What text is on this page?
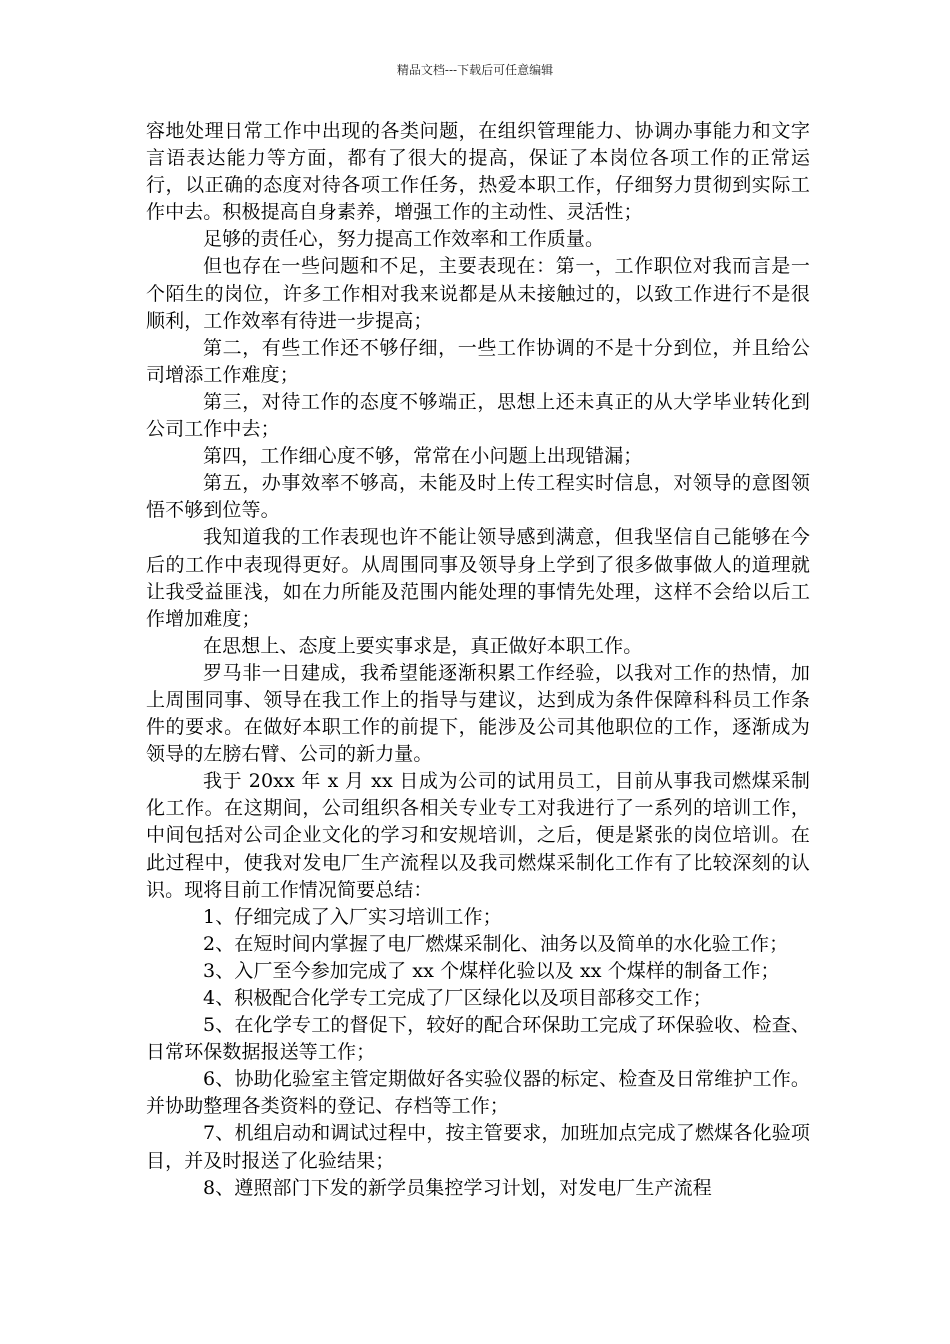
精品文档---下载后可任意编辑

容地处理日常工作中出现的各类问题，在组织管理能力、协调办事能力和文字言语表达能力等方面，都有了很大的提高，保证了本岗位各项工作的正常运行，以正确的态度对待各项工作任务，热爱本职工作，仔细努力贯彻到实际工作中去。积极提高自身素养，增强工作的主动性、灵活性；

足够的责任心，努力提高工作效率和工作质量。

但也存在一些问题和不足，主要表现在：第一，工作职位对我而言是一个陌生的岗位，许多工作相对我来说都是从未接触过的，以致工作进行不是很顺利，工作效率有待进一步提高；

第二，有些工作还不够仔细，一些工作协调的不是十分到位，并且给公司增添工作难度；

第三，对待工作的态度不够端正，思想上还未真正的从大学毕业转化到公司工作中去；

第四，工作细心度不够，常常在小问题上出现错漏；

第五，办事效率不够高，未能及时上传工程实时信息，对领导的意图领悟不够到位等。

我知道我的工作表现也许不能让领导感到满意，但我坚信自己能够在今后的工作中表现得更好。从周围同事及领导身上学到了很多做事做人的道理就让我受益匪浅，如在力所能及范围内能处理的事情先处理，这样不会给以后工作增加难度；

在思想上、态度上要实事求是，真正做好本职工作。

罗马非一日建成，我希望能逐渐积累工作经验，以我对工作的热情，加上周围同事、领导在我工作上的指导与建议，达到成为条件保障科科员工作条件的要求。在做好本职工作的前提下，能涉及公司其他职位的工作，逐渐成为领导的左膀右臂、公司的新力量。

我于 20xx 年 x 月 xx 日成为公司的试用员工，目前从事我司燃煤采制化工作。在这期间，公司组织各相关专业专工对我进行了一系列的培训工作，中间包括对公司企业文化的学习和安规培训，之后，便是紧张的岗位培训。在此过程中，使我对发电厂生产流程以及我司燃煤采制化工作有了比较深刻的认识。现将目前工作情况简要总结：

1、仔细完成了入厂实习培训工作；

2、在短时间内掌握了电厂燃煤采制化、油务以及简单的水化验工作；

3、入厂至今参加完成了 xx 个煤样化验以及 xx 个煤样的制备工作；

4、积极配合化学专工完成了厂区绿化以及项目部移交工作；

5、在化学专工的督促下，较好的配合环保助工完成了环保验收、检查、日常环保数据报送等工作；

6、协助化验室主管定期做好各实验仪器的标定、检查及日常维护工作。并协助整理各类资料的登记、存档等工作；

7、机组启动和调试过程中，按主管要求，加班加点完成了燃煤各化验项目，并及时报送了化验结果；

8、遵照部门下发的新学员集控学习计划，对发电厂生产流程
